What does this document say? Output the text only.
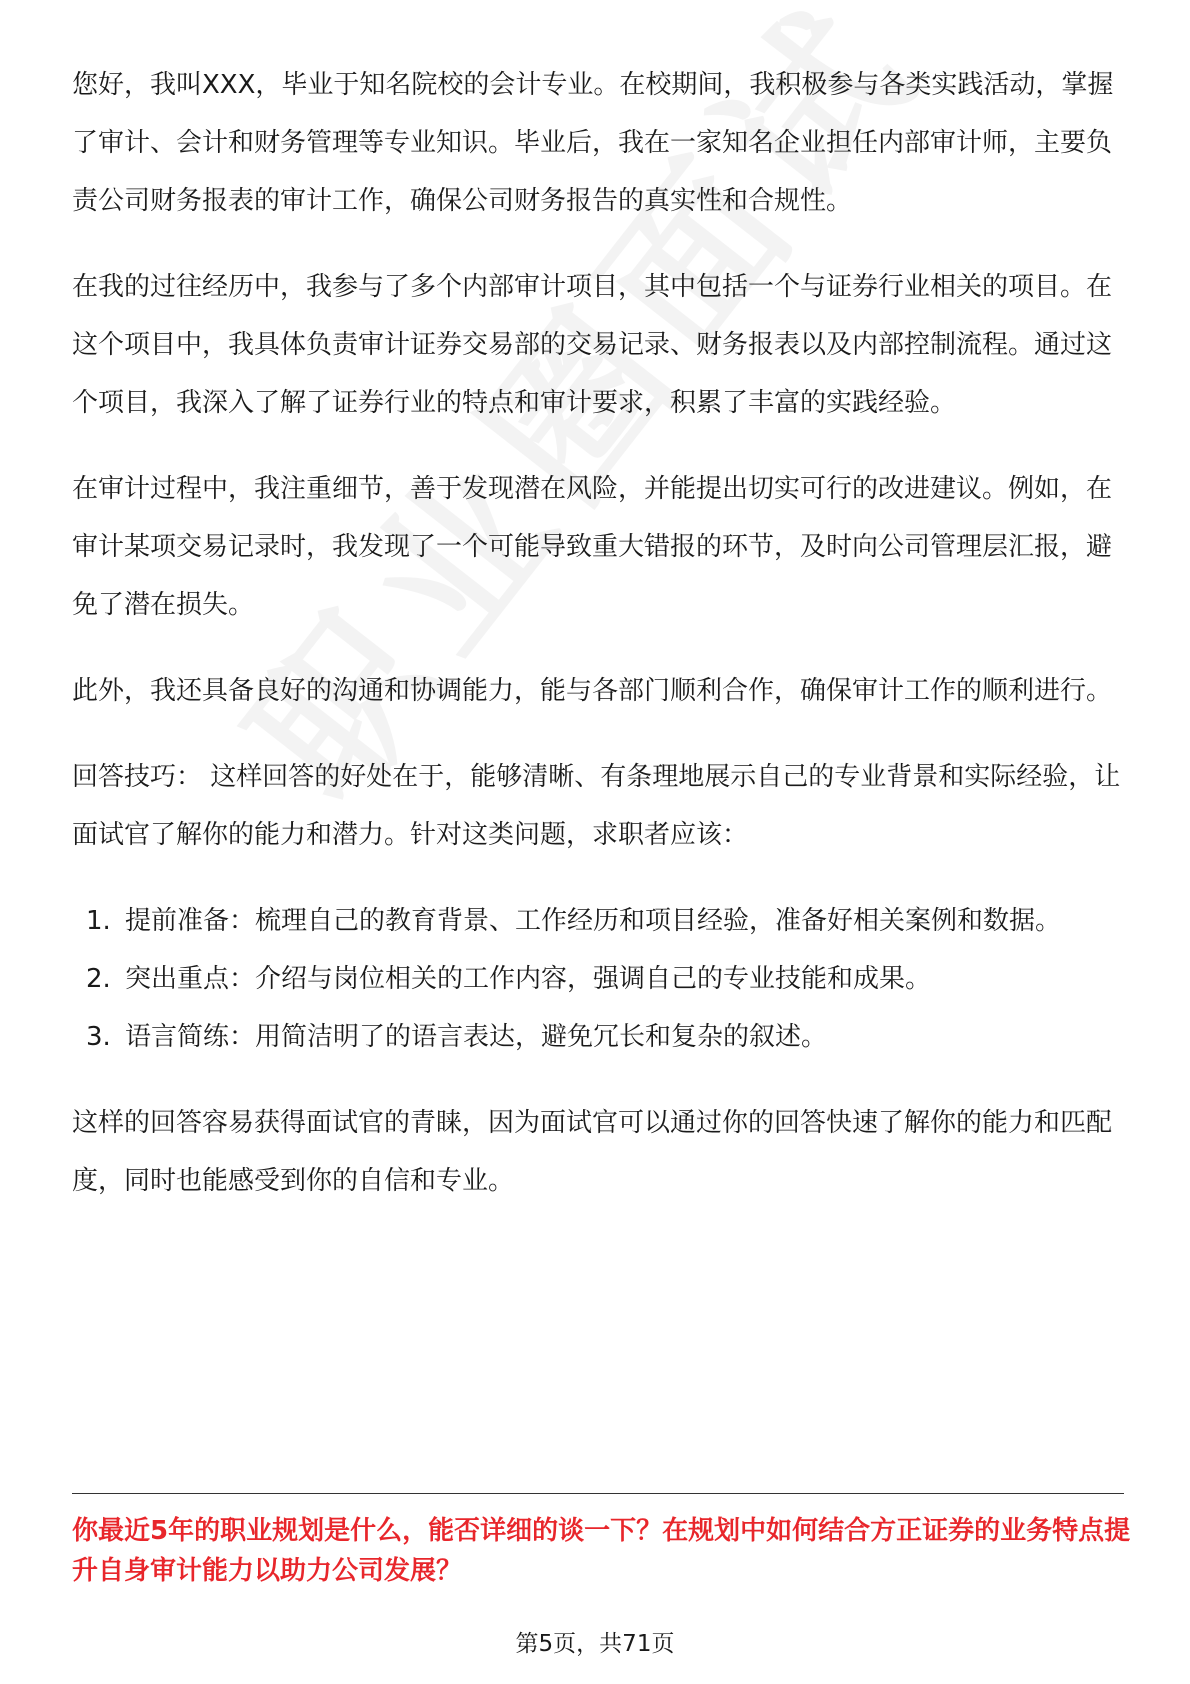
您好，我叫XXX，毕业于知名院校的会计专业。在校期间，我积极参与各类实践活动，掌握了审计、会计和财务管理等专业知识。毕业后，我在一家知名企业担任内部审计师，主要负责公司财务报表的审计工作，确保公司财务报告的真实性和合规性。

在我的过往经历中，我参与了多个内部审计项目，其中包括一个与证券行业相关的项目。在这个项目中，我具体负责审计证券交易部的交易记录、财务报表以及内部控制流程。通过这个项目，我深入了解了证券行业的特点和审计要求，积累了丰富的实践经验。

在审计过程中，我注重细节，善于发现潜在风险，并能提出切实可行的改进建议。例如，在审计某项交易记录时，我发现了一个可能导致重大错报的环节，及时向公司管理层汇报，避免了潜在损失。

此外，我还具备良好的沟通和协调能力，能与各部门顺利合作，确保审计工作的顺利进行。

回答技巧： 这样回答的好处在于，能够清晰、有条理地展示自己的专业背景和实际经验，让面试官了解你的能力和潜力。针对这类问题，求职者应该：

1. 提前准备：梳理自己的教育背景、工作经历和项目经验，准备好相关案例和数据。
2. 突出重点：介绍与岗位相关的工作内容，强调自己的专业技能和成果。
3. 语言简练：用简洁明了的语言表达，避免冗长和复杂的叙述。

这样的回答容易获得面试官的青睐，因为面试官可以通过你的回答快速了解你的能力和匹配度，同时也能感受到你的自信和专业。

你最近5年的职业规划是什么，能否详细的谈一下？在规划中如何结合方正证券的业务特点提升自身审计能力以助力公司发展？

第5页，共71页
